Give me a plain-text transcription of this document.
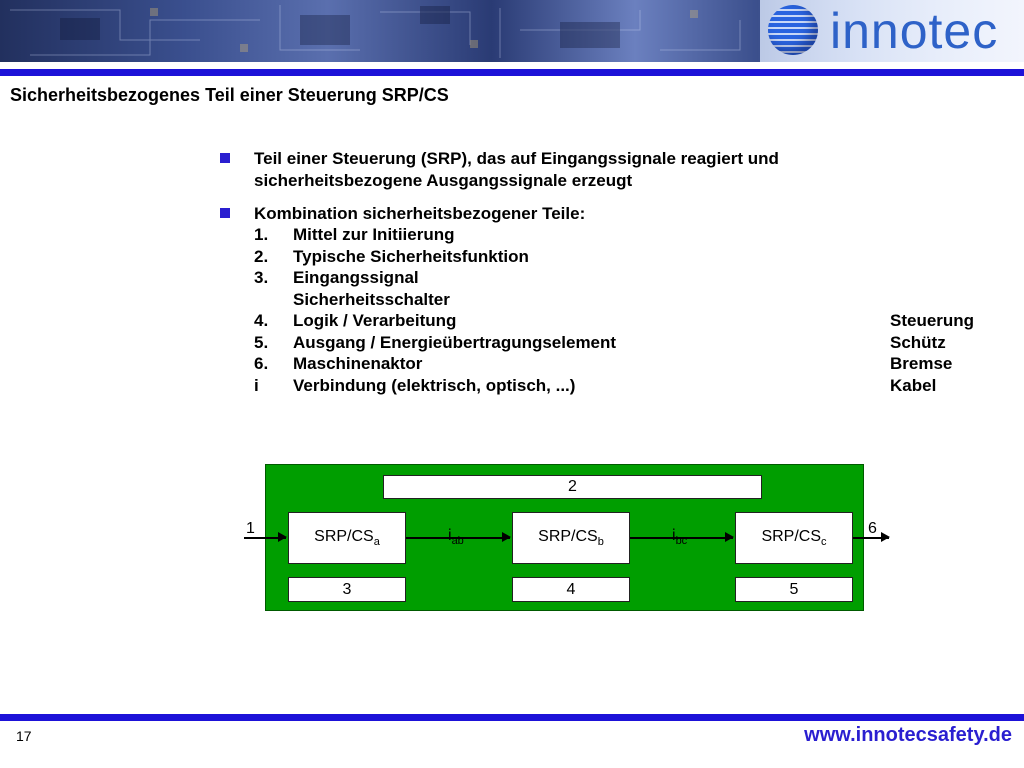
innotec
Sicherheitsbezogenes Teil einer Steuerung SRP/CS
Teil einer Steuerung (SRP), das auf Eingangssignale reagiert und
sicherheitsbezogene Ausgangssignale erzeugt
Kombination sicherheitsbezogener Teile:
1. Mittel zur Initiierung
2. Typische Sicherheitsfunktion
3. Eingangssignal
Sicherheitsschalter
4. Logik / Verarbeitung	Steuerung
5. Ausgang / Energieübertragungselement	Schütz
6. Maschinenaktor	Bremse
i Verbindung (elektrisch, optisch, ...)	Kabel
2
SRP/$CS_a$	SRP/$CS_b$	SRP/$CS_c$
3	4	5
$i_{ab}$	$i_{bc}$
1	6
17	www.innotecsafety.de
